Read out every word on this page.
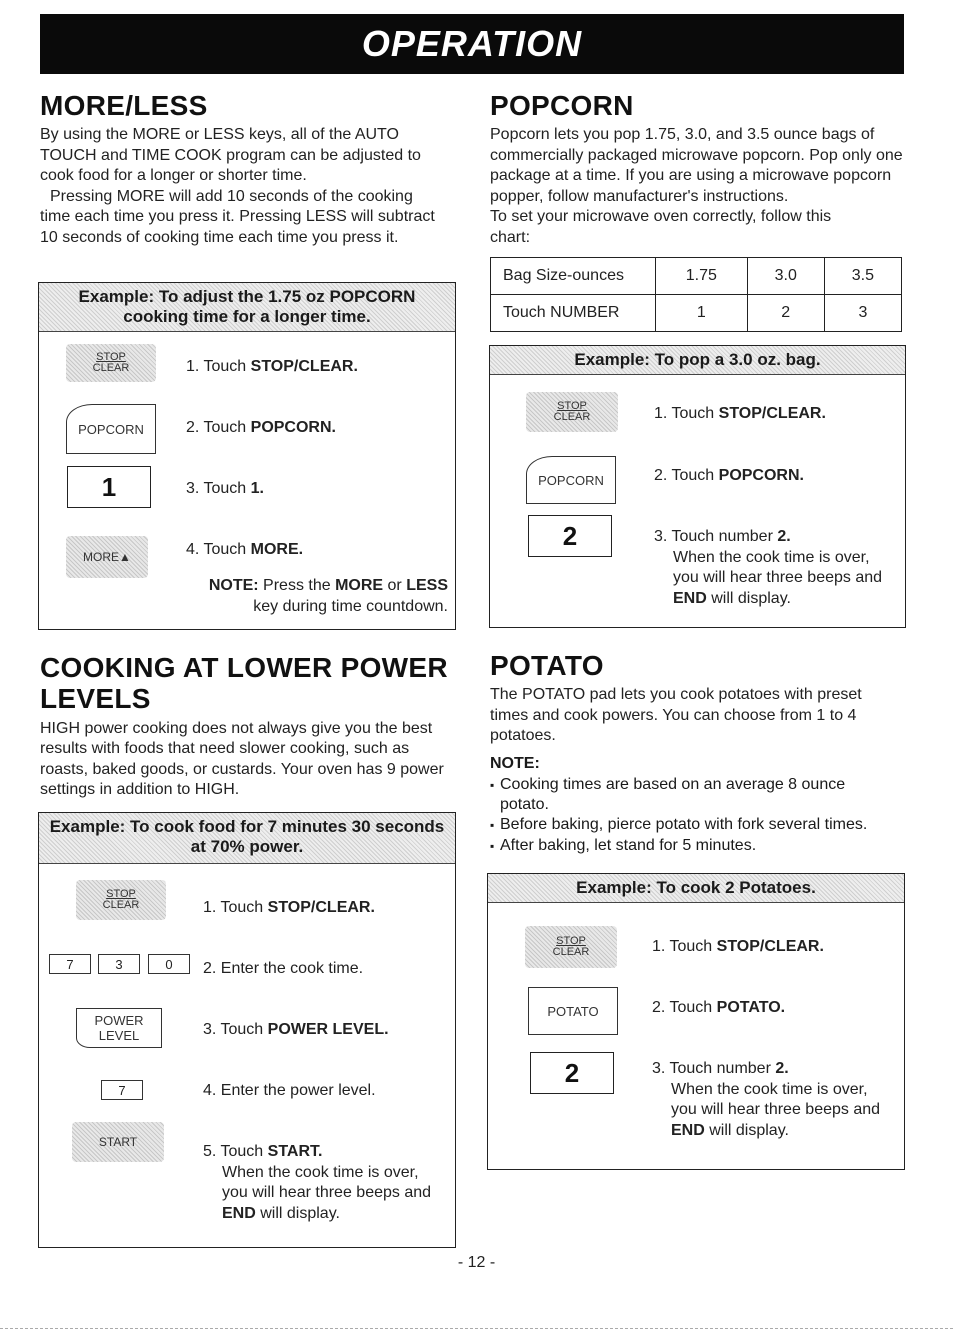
OPERATION
MORE/LESS

By using the MORE or LESS keys, all of the AUTO TOUCH and TIME COOK program can be adjusted to cook food for a longer or shorter time.

Pressing MORE will add 10 seconds of the cooking time each time you press it. Pressing LESS will subtract 10 seconds of cooking time each time you press it.

Example: To adjust the 1.75 oz POPCORN cooking time for a longer time.
STOP
CLEAR	1. Touch STOP/CLEAR.
POPCORN	2. Touch POPCORN.
1	3. Touch 1.
MORE▲	4. Touch MORE.
NOTE: Press the MORE or LESS
key during time countdown.
COOKING AT LOWER POWER
LEVELS

HIGH power cooking does not always give you the best results with foods that need slower cooking, such as roasts, baked goods, or custards. Your oven has 9 power settings in addition to HIGH.

Example: To cook food for 7 minutes 30 seconds at 70% power.
STOP
CLEAR	1. Touch STOP/CLEAR.
7	3	0 2. Enter the cook time.
POWER
LEVEL	3. Touch POWER LEVEL.
7	4. Enter the power level.
START
5. Touch START.
When the cook time is over,
you will hear three beeps and
END will display.
POPCORN

Popcorn lets you pop 1.75, 3.0, and 3.5 ounce bags of commercially packaged microwave popcorn. Pop only one package at a time. If you are using a microwave popcorn popper, follow manufacturer's instructions.

To set your microwave oven correctly, follow this chart:

Bag Size-ounces	1.75	3.0	3.5
Touch NUMBER	1	2	3
Example: To pop a 3.0 oz. bag.
STOP
CLEAR	1. Touch STOP/CLEAR.
POPCORN	2. Touch POPCORN.
2	3. Touch number 2.
When the cook time is over,
you will hear three beeps and
END will display.
POTATO

The POTATO pad lets you cook potatoes with preset times and cook powers. You can choose from 1 to 4 potatoes.

NOTE:
▪ Cooking times are based on an average 8 ounce potato.
▪ Before baking, pierce potato with fork several times.
▪ After baking, let stand for 5 minutes.
Example: To cook 2 Potatoes.
STOP
CLEAR	1. Touch STOP/CLEAR.
POTATO	2. Touch POTATO.
2	3. Touch number 2.
When the cook time is over,
you will hear three beeps and
END will display.
- 12 -
